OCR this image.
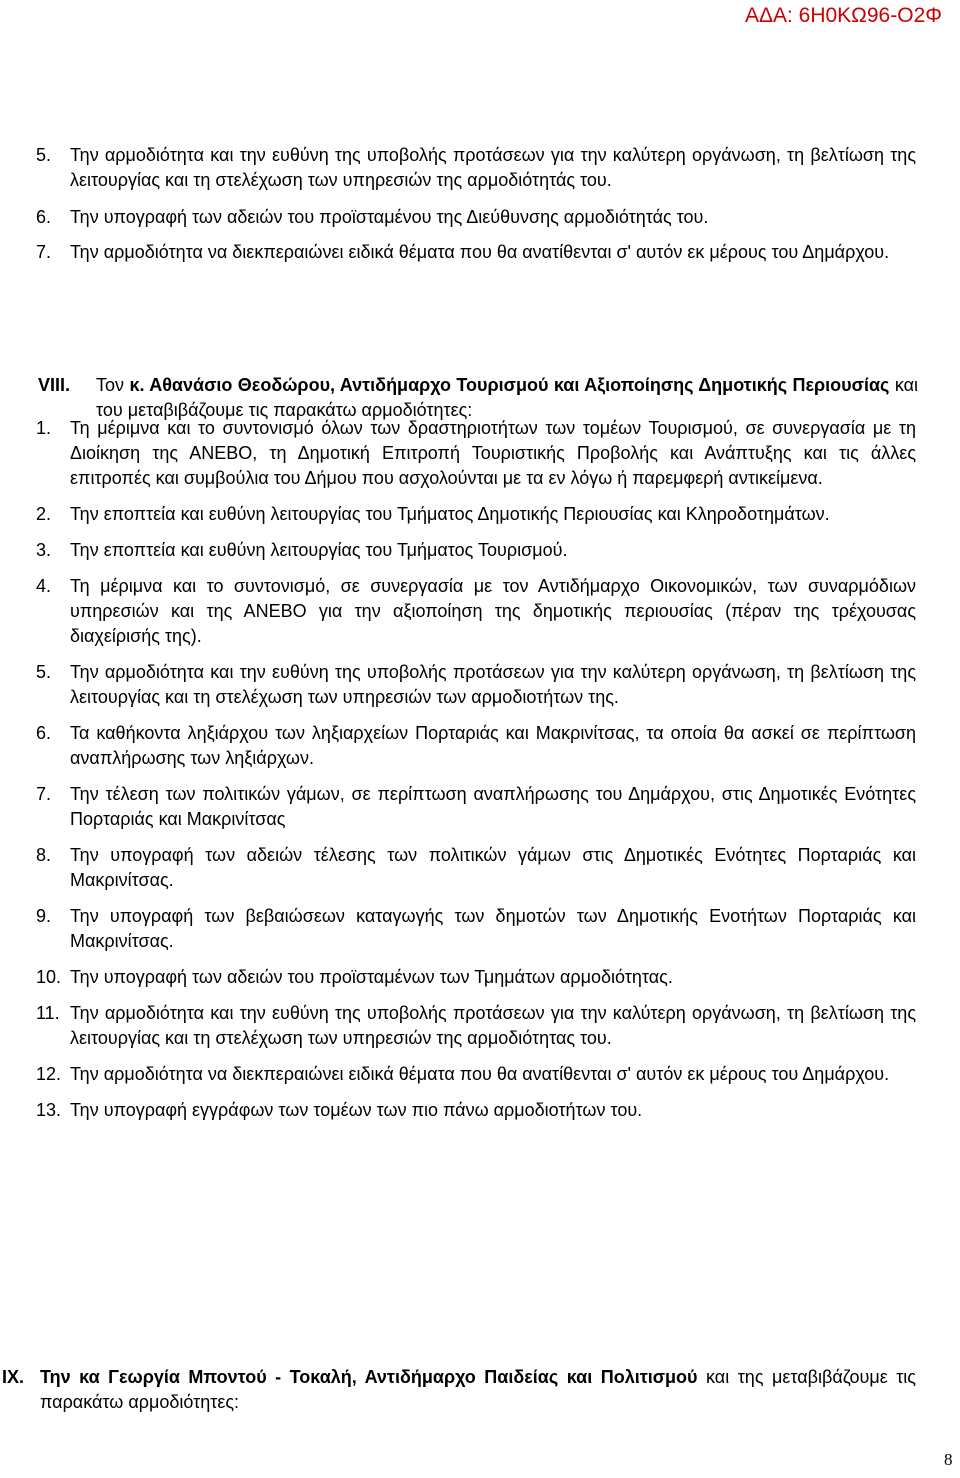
ΑΔΑ: 6Η0ΚΩ96-Ο2Φ
5.	Την αρμοδιότητα και την ευθύνη της υποβολής προτάσεων για την καλύτερη οργάνωση, τη βελτίωση της λειτουργίας και τη στελέχωση των υπηρεσιών της αρμοδιότητάς του.
6.	Την υπογραφή των αδειών του προϊσταμένου της Διεύθυνσης αρμοδιότητάς του.
7.	Την αρμοδιότητα να διεκπεραιώνει ειδικά θέματα που θα ανατίθενται σ' αυτόν εκ μέρους του Δημάρχου.
VIII.	Τον κ. Αθανάσιο Θεοδώρου, Αντιδήμαρχο Τουρισμού και Αξιοποίησης Δημοτικής Περιουσίας και του μεταβιβάζουμε τις παρακάτω αρμοδιότητες:
1.	Τη μέριμνα και το συντονισμό όλων των δραστηριοτήτων των τομέων Τουρισμού, σε συνεργασία με τη Διοίκηση της ΑΝΕΒΟ, τη Δημοτική Επιτροπή Τουριστικής Προβολής και Ανάπτυξης και τις άλλες επιτροπές και συμβούλια του Δήμου που ασχολούνται με τα εν λόγω ή παρεμφερή αντικείμενα.
2.	Την εποπτεία και ευθύνη λειτουργίας του Τμήματος Δημοτικής Περιουσίας και Κληροδοτημάτων.
3.	Την εποπτεία και ευθύνη λειτουργίας του Τμήματος Τουρισμού.
4.	Τη μέριμνα και το συντονισμό, σε συνεργασία με τον Αντιδήμαρχο Οικονομικών, των συναρμόδιων υπηρεσιών και της ΑΝΕΒΟ για την αξιοποίηση της δημοτικής περιουσίας (πέραν της τρέχουσας διαχείρισής της).
5.	Την αρμοδιότητα και την ευθύνη της υποβολής προτάσεων για την καλύτερη οργάνωση, τη βελτίωση της λειτουργίας και τη στελέχωση των υπηρεσιών των αρμοδιοτήτων της.
6.	Τα καθήκοντα ληξιάρχου των ληξιαρχείων Πορταριάς και Μακρινίτσας, τα οποία θα ασκεί σε περίπτωση αναπλήρωσης των ληξιάρχων.
7.	Την τέλεση των πολιτικών γάμων, σε περίπτωση αναπλήρωσης του Δημάρχου, στις Δημοτικές Ενότητες Πορταριάς και Μακρινίτσας
8.	Την υπογραφή των αδειών τέλεσης των πολιτικών γάμων στις Δημοτικές Ενότητες Πορταριάς και Μακρινίτσας.
9.	Την υπογραφή των βεβαιώσεων καταγωγής των δημοτών των Δημοτικής Ενοτήτων Πορταριάς και Μακρινίτσας.
10. Την υπογραφή των αδειών του προϊσταμένων των Τμημάτων αρμοδιότητας.
11. Την αρμοδιότητα και την ευθύνη της υποβολής προτάσεων για την καλύτερη οργάνωση, τη βελτίωση της λειτουργίας και τη στελέχωση των υπηρεσιών της αρμοδιότητας του.
12. Την αρμοδιότητα να διεκπεραιώνει ειδικά θέματα που θα ανατίθενται σ' αυτόν εκ μέρους του Δημάρχου.
13. Την υπογραφή εγγράφων των τομέων των πιο πάνω αρμοδιοτήτων του.
IX. Την κα Γεωργία Μποντού - Τοκαλή, Αντιδήμαρχο Παιδείας και Πολιτισμού και της μεταβιβάζουμε τις παρακάτω αρμοδιότητες:
8
